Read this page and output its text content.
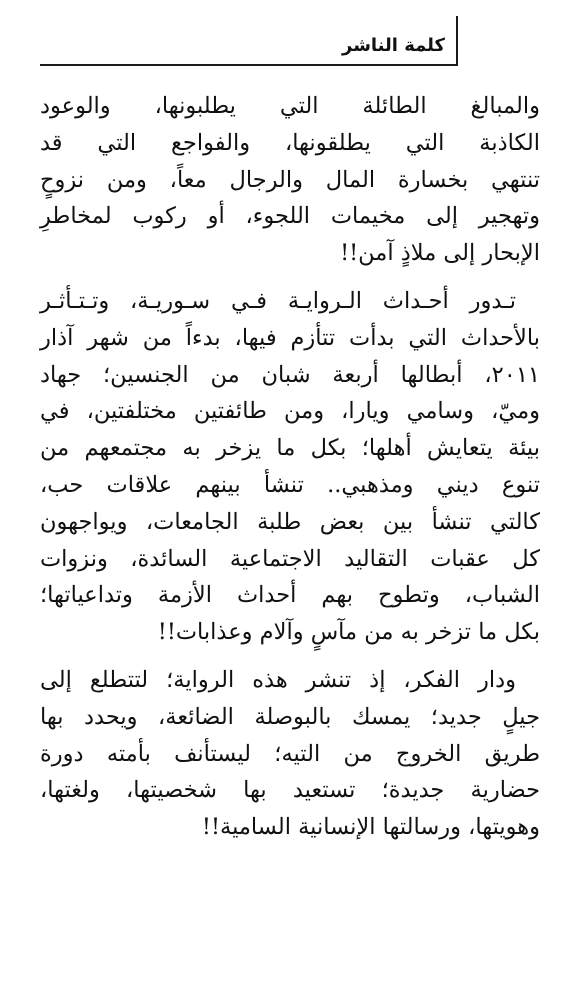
كلمة الناشر

والمبالغ الطائلة التي يطلبونها، والوعود
الكاذبة التي يطلقونها، والفواجع التي قد
تنتهي بخسارة المال والرجال معاً، ومن نزوحٍ
وتهجير إلى مخيمات اللجوء، أو ركوب لمخاطرِ
الإبحار إلى ملاذٍ آمن!!

تـدور أحـداث الـروايـة فـي سـوريـة، وتـتـأثـر
بالأحداث التي بدأت تتأزم فيها، بدءاً من شهر آذار
٢٠١١، أبطالها أربعة شبان من الجنسين؛ جهاد
وميّ، وسامي ويارا، ومن طائفتين مختلفتين، في
بيئة يتعايش أهلها؛ بكل ما يزخر به مجتمعهم من
تنوع ديني ومذهبي.. تنشأ بينهم علاقات حب،
كالتي تنشأ بين بعض طلبة الجامعات، ويواجهون
كل عقبات التقاليد الاجتماعية السائدة، ونزوات
الشباب، وتطوح بهم أحداث الأزمة وتداعياتها؛
بكل ما تزخر به من مآسٍ وآلام وعذابات!!

ودار الفكر، إذ تنشر هذه الرواية؛ لتتطلع إلى
جيلٍ جديد؛ يمسك بالبوصلة الضائعة، ويحدد بها
طريق الخروج من التيه؛ ليستأنف بأمته دورة
حضارية جديدة؛ تستعيد بها شخصيتها، ولغتها،
وهويتها، ورسالتها الإنسانية السامية!!
